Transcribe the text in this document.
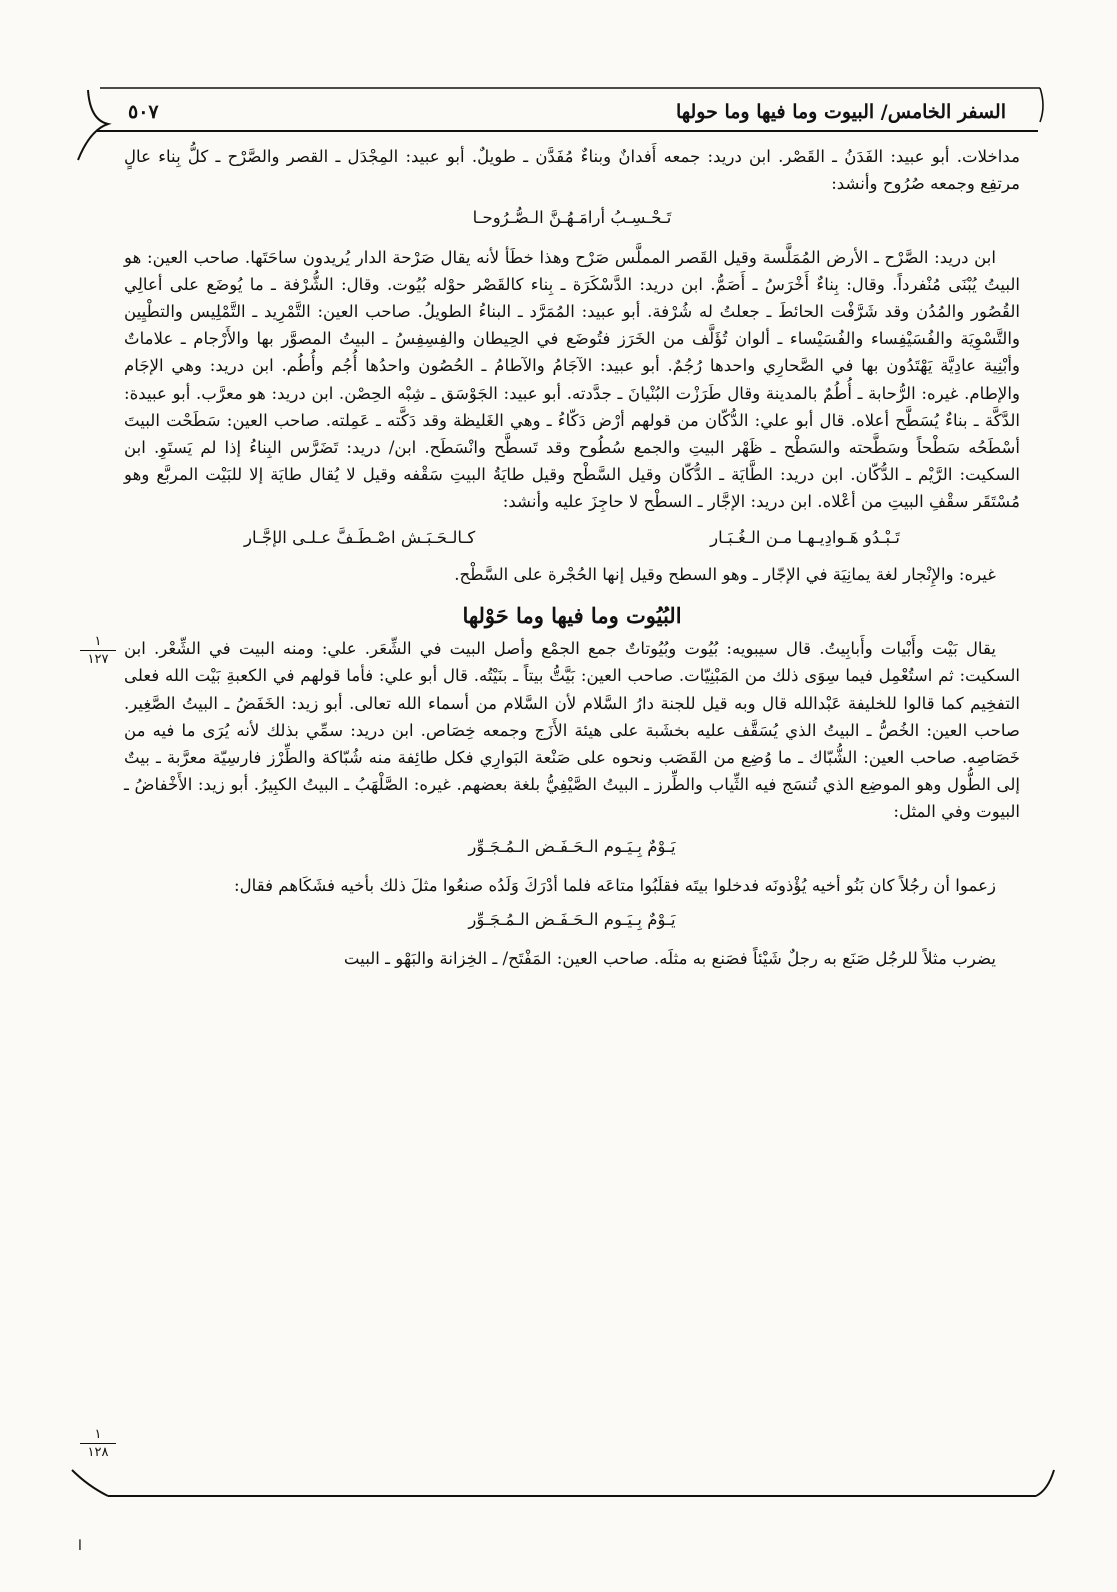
السفر الخامس/ البيوت وما فيها وما حولها
٥٠٧

مداخلات. أبو عبيد: الفَدَنُ ـ القَصْر. ابن دريد: جمعه أَفدانٌ وبناءٌ مُفَدَّن ـ طويلٌ. أبو عبيد: المِجْدَل ـ القصر والصَّرْح ـ كلُّ بِناء عالٍ مرتفِع وجمعه صُرُوح وأنشد:

تَـحْـسِـبُ أرامَـهُـنَّ الـصُّـرُوحـا

ابن دريد: الصَّرْح ـ الأرض المُمَلَّسة وقيل القَصر المملَّس صَرْح وهذا خطَأ لأنه يقال صَرْحة الدار يُريدون ساحَتَها. صاحب العين: هو البيتُ يُبْنَى مُنْفرداً. وقال: بِناءٌ أَخْرَسُ ـ أَصَمُّ. ابن دريد: الدَّسْكَرَة ـ بِناء كالقَصْر حوْله بُيُوت. وقال: الشُّرْفة ـ ما يُوضَع على أعالِي القُصُور والمُدُن وقد شَرَّفْت الحائطَ ـ جعلتُ له شُرْفة. أبو عبيد: المُمَرَّد ـ البناءُ الطويلُ. صاحب العين: التَّمْرِيد ـ التَّمْلِيس والتطْيِين والتَّسْوِيَة والفُسَيْفِساء والفُسَيْساء ـ ألوان تُؤَلَّف من الخَرَز فتُوضَع في الحِيطان والفِسِفِسُ ـ البيتُ المصوَّر بها والأَرْجام ـ علاماتٌ وأبْنِية عادِيَّة يَهْتَدُون بها في الصَّحارِي واحدها رُجُمٌ. أبو عبيد: الآجَامُ والآطامُ ـ الحُصُون واحدُها أُجُم وأُطُم. ابن دريد: وهي الإجَام والإطام. غيره: الرُّحابة ـ أُطُمٌ بالمدينة وقال طَرَزْت البُنْيانَ ـ جدَّدته. أبو عبيد: الجَوْسَق ـ شِبْه الحِصْن. ابن دريد: هو معرَّب. أبو عبيدة: الدَّكَّة ـ بناءٌ يُسَطَّح أعلاه. قال أبو علي: الدُّكّان من قولهم أرْض دَكّاءُ ـ وهي الغَليظة وقد دَكَّته ـ عَمِلته. صاحب العين: سَطَحْت البيتَ أسْطَحُه سَطْحاً وسَطَّحته والسَطْح ـ ظَهْر البيتِ والجمع سُطُوح وقد تَسطَّح وانْسَطَح. ابن/ دريد: تَضَرَّس البِناءُ إذا لم يَستَوِ. ابن السكيت: الرَّيْم ـ الدُّكّان. ابن دريد: الطَّايَة ـ الدُّكّان وقيل السَّطْح وقيل طايَةُ البيتِ سَقْفه وقيل لا يُقال طايَة إلا للبَيْت المربَّع وهو مُسْتَقَر سقْفِ البيتِ من أعْلاه. ابن دريد: الإجَّار ـ السطْح لا حاجِزَ عليه وأنشد:

تَـبْـدُو هَـوادِيـهـا مـن الـغُـبَـار
كـالـحَـبَـش اصْـطَـفَّ عـلـى الإجَّـار

غيره: والإِنْجار لغة يمانِيَة في الإجّار ـ وهو السطح وقيل إنها الحُجْرة على السَّطْح.

البُيُوت وما فيها وما حَوْلها

يقال بَيْت وأَبْيات وأَبابِيتُ. قال سيبويه: بُيُوت وبُيُوتاتٌ جمع الجمْع وأصل البيت في الشِّعَر. علي: ومنه البيت في الشِّعْر. ابن السكيت: ثم استُعْمِل فيما سِوَى ذلك من المَبْنِيّات. صاحب العين: بَيَّتُّ بيتاً ـ بنَيْتُه. قال أبو علي: فأما قولهم في الكعبةِ بَيْت الله فعلى التفخِيم كما قالوا للخليفة عَبْدالله قال وبه قيل للجنة دارُ السَّلام لأن السَّلام من أسماء الله تعالى. أبو زيد: الخَفَضُ ـ البيتُ الصَّغِير. صاحب العين: الخُصُّ ـ البيتُ الذي يُسَقَّف عليه بخشَبة على هيئة الأَزَج وجمعه خِصَاص. ابن دريد: سمِّي بذلك لأنه يُرَى ما فيه من خَصَاصِه. صاحب العين: الشُّبّاك ـ ما وُضِع من القَصَب ونحوه على صَنْعة البَوارِي فكل طائِفة منه شُبّاكة والطِّرْز فارسِيّة معرَّبة ـ بيتٌ إلى الطُّول وهو الموضِع الذي تُنسَج فيه الثِّياب والطِّرز ـ البيتُ الصَّيْفِيُّ بلغة بعضهم. غيره: الصَّلْهَبُ ـ البيتُ الكبِيرُ. أبو زيد: الأَخْفاضُ ـ البيوت وفي المثل:

يَـوْمٌ بِـيَـوم الـحَـفَـض الـمُـجَـوِّر

زعموا أن رجُلاً كان بَنُو أخيه يُؤْذونَه فدخلوا بيتَه فقلَبُوا متاعَه فلما أدْرَكَ وَلَدُه صنعُوا مثلَ ذلك بأخيه فشَكَاهم فقال:

يَـوْمٌ بِـيَـوم الـحَـفَـض الـمُـجَـوِّر

يضرب مثلاً للرجُل صَنَع به رجلٌ شَيْئاً فصَنع به مثلَه. صاحب العين: المَفْتَح/ ـ الخِزانة والبَهْو ـ البيت

١
١٢٧
١
١٢٨
ا
